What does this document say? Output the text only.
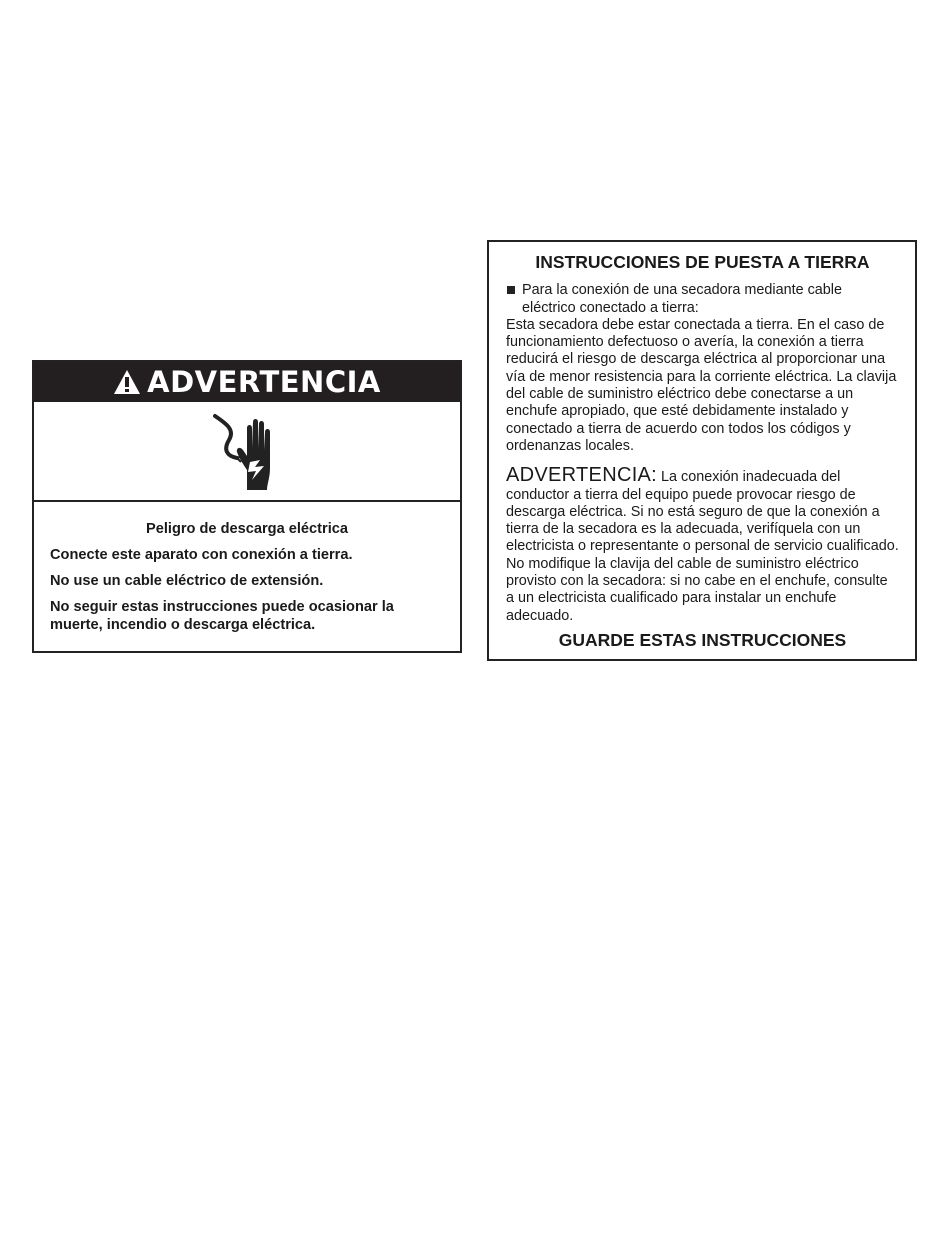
ADVERTENCIA

Peligro de descarga eléctrica

Conecte este aparato con conexión a tierra.

No use un cable eléctrico de extensión.

No seguir estas instrucciones puede ocasionar la muerte, incendio o descarga eléctrica.

INSTRUCCIONES DE PUESTA A TIERRA
Para la conexión de una secadora mediante cable eléctrico conectado a tierra:

Esta secadora debe estar conectada a tierra. En el caso de funcionamiento defectuoso o avería, la conexión a tierra reducirá el riesgo de descarga eléctrica al proporcionar una vía de menor resistencia para la corriente eléctrica. La clavija del cable de suministro eléctrico debe conectarse a un enchufe apropiado, que esté debidamente instalado y conectado a tierra de acuerdo con todos los códigos y ordenanzas locales.

ADVERTENCIA: La conexión inadecuada del conductor a tierra del equipo puede provocar riesgo de descarga eléctrica. Si no está seguro de que la conexión a tierra de la secadora es la adecuada, verifíquela con un electricista o representante o personal de servicio cualificado. No modifique la clavija del cable de suministro eléctrico provisto con la secadora: si no cabe en el enchufe, consulte a un electricista cualificado para instalar un enchufe adecuado.

GUARDE ESTAS INSTRUCCIONES
